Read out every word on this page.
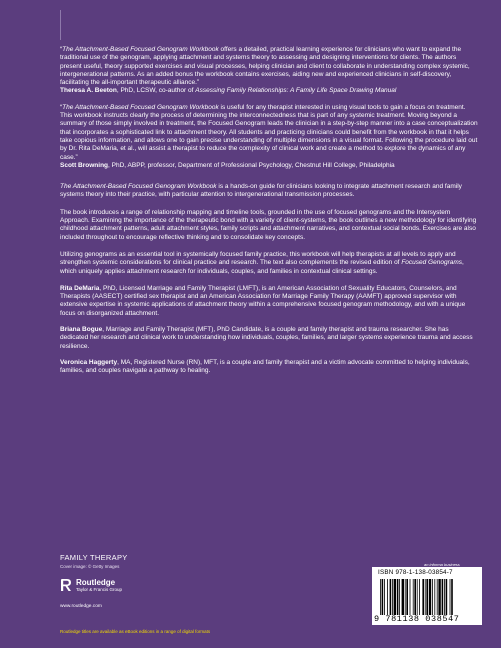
“The Attachment-Based Focused Genogram Workbook offers a detailed, practical learning experience for clinicians who want to expand the traditional use of the genogram, applying attachment and systems theory to assessing and designing interventions for clients. The authors present useful, theory supported exercises and visual processes, helping clinician and client to collaborate in understanding complex systemic, intergenerational patterns. As an added bonus the workbook contains exercises, aiding new and experienced clinicians in self-discovery, facilitating the all-important therapeutic alliance.”
Theresa A. Beeton, PhD, LCSW, co-author of Assessing Family Relationships: A Family Life Space Drawing Manual

“The Attachment-Based Focused Genogram Workbook is useful for any therapist interested in using visual tools to gain a focus on treatment. This workbook instructs clearly the process of determining the interconnectedness that is part of any systemic treatment. Moving beyond a summary of those simply involved in treatment, the Focused Genogram leads the clinician in a step-by-step manner into a case conceptualization that incorporates a sophisticated link to attachment theory. All students and practicing clinicians could benefit from the workbook in that it helps take copious information, and allows one to gain precise understanding of multiple dimensions in a visual format. Following the procedure laid out by Dr. Rita DeMaria, et al., will assist a therapist to reduce the complexity of clinical work and create a method to explore the dynamics of any case.”
Scott Browning, PhD, ABPP, professor, Department of Professional Psychology, Chestnut Hill College, Philadelphia

The Attachment-Based Focused Genogram Workbook is a hands-on guide for clinicians looking to integrate attachment research and family systems theory into their practice, with particular attention to intergenerational transmission processes.

The book introduces a range of relationship mapping and timeline tools, grounded in the use of focused genograms and the Intersystem Approach. Examining the importance of the therapeutic bond with a variety of client-systems, the book outlines a new methodology for identifying childhood attachment patterns, adult attachment styles, family scripts and attachment narratives, and contextual social bonds. Exercises are also included throughout to encourage reflective thinking and to consolidate key concepts.

Utilizing genograms as an essential tool in systemically focused family practice, this workbook will help therapists at all levels to apply and strengthen systemic considerations for clinical practice and research. The text also complements the revised edition of Focused Genograms, which uniquely applies attachment research for individuals, couples, and families in contextual clinical settings.

Rita DeMaria, PhD, Licensed Marriage and Family Therapist (LMFT), is an American Association of Sexuality Educators, Counselors, and Therapists (AASECT) certified sex therapist and an American Association for Marriage Family Therapy (AAMFT) approved supervisor with extensive expertise in systemic applications of attachment theory within a comprehensive focused genogram methodology, and with a unique focus on disorganized attachment.

Briana Bogue, Marriage and Family Therapist (MFT), PhD Candidate, is a couple and family therapist and trauma researcher. She has dedicated her research and clinical work to understanding how individuals, couples, families, and larger systems experience trauma and access resilience.

Veronica Haggerty, MA, Registered Nurse (RN), MFT, is a couple and family therapist and a victim advocate committed to helping individuals, families, and couples navigate a pathway to healing.

FAMILY THERAPY

Cover image: © Getty Images
Routledge
Taylor & Francis Group
www.routledge.com
Routledge titles are available as eBook editions in a range of digital formats
an informa business
ISBN 978-1-138-03854-7
9 781138 038547
